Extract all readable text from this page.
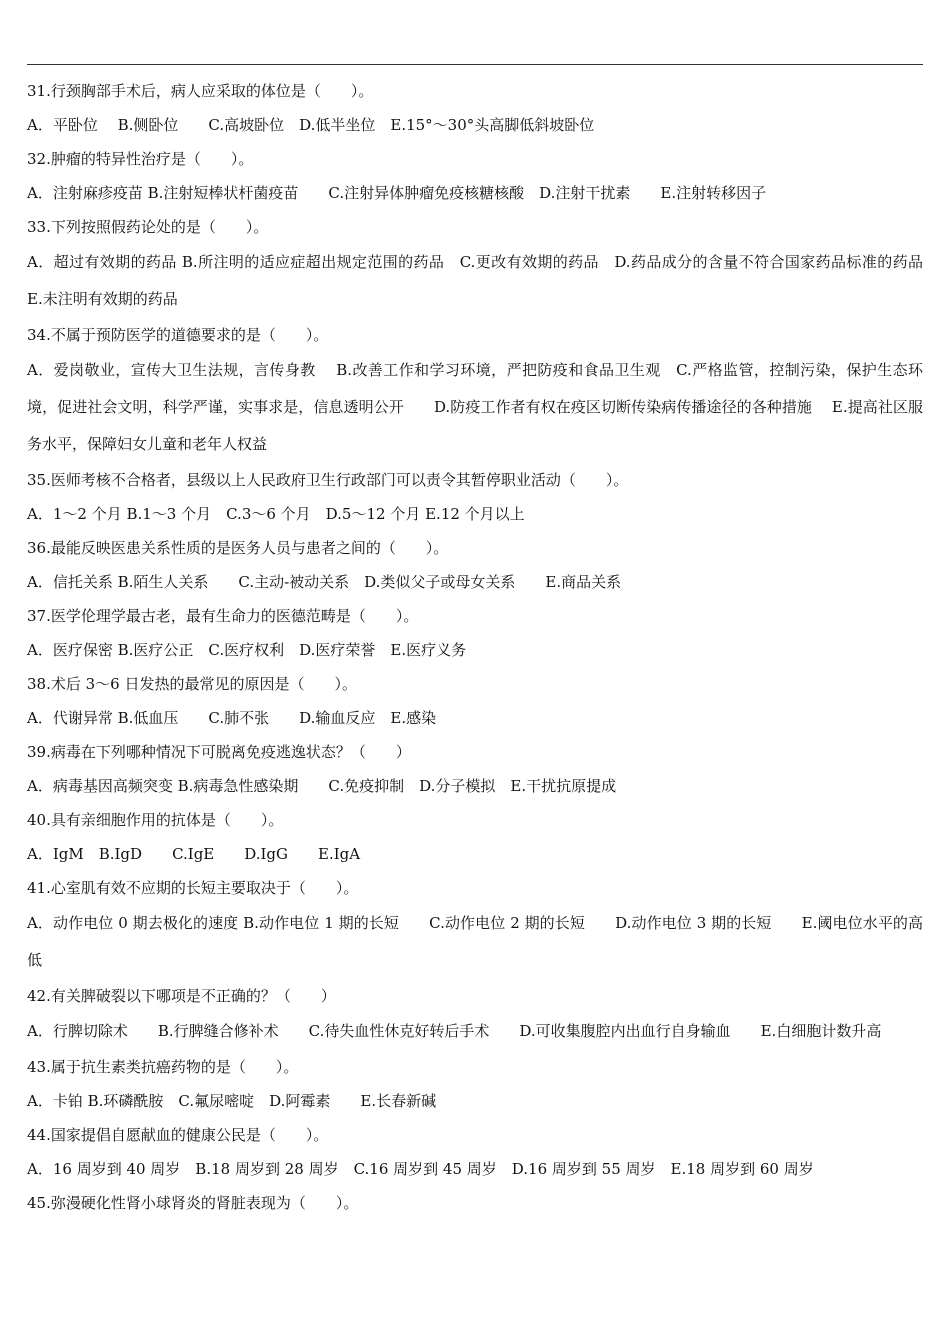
31.行颈胸部手术后，病人应采取的体位是（　　）。

A．平卧位　 B.侧卧位　　C.高坡卧位　D.低半坐位　E.15°～30°头高脚低斜坡卧位

32.肿瘤的特异性治疗是（　　）。

A．注射麻疹疫苗 B.注射短棒状杆菌疫苗　　C.注射异体肿瘤免疫核糖核酸　D.注射干扰素　　E.注射转移因子

33.下列按照假药论处的是（　　）。

A．超过有效期的药品 B.所注明的适应症超出规定范围的药品　C.更改有效期的药品　D.药品成分的含量不符合国家药品标准的药品　E.未注明有效期的药品

34.不属于预防医学的道德要求的是（　　）。

A．爱岗敬业，宣传大卫生法规，言传身教　 B.改善工作和学习环境，严把防疫和食品卫生观　C.严格监管，控制污染，保护生态环境，促进社会文明，科学严谨，实事求是，信息透明公开　　D.防疫工作者有权在疫区切断传染病传播途径的各种措施　 E.提高社区服务水平，保障妇女儿童和老年人权益

35.医师考核不合格者，县级以上人民政府卫生行政部门可以责令其暂停职业活动（　　）。

A．1～2 个月 B.1～3 个月　C.3～6 个月　D.5～12 个月 E.12 个月以上

36.最能反映医患关系性质的是医务人员与患者之间的（　　）。

A．信托关系 B.陌生人关系　　C.主动-被动关系　D.类似父子或母女关系　　E.商品关系

37.医学伦理学最古老，最有生命力的医德范畴是（　　）。

A．医疗保密 B.医疗公正　C.医疗权利　D.医疗荣誉　E.医疗义务

38.术后 3～6 日发热的最常见的原因是（　　）。

A．代谢异常 B.低血压　　C.肺不张　　D.输血反应　E.感染

39.病毒在下列哪种情况下可脱离免疫逃逸状态？（　　）

A．病毒基因高频突变 B.病毒急性感染期　　C.免疫抑制　D.分子模拟　E.干扰抗原提成

40.具有亲细胞作用的抗体是（　　）。

A．IgM　B.IgD　　C.IgE　　D.IgG　　E.IgA

41.心室肌有效不应期的长短主要取决于（　　）。

A．动作电位 0 期去极化的速度 B.动作电位 1 期的长短　　C.动作电位 2 期的长短　　D.动作电位 3 期的长短　　E.阈电位水平的高低

42.有关脾破裂以下哪项是不正确的？（　　）

A．行脾切除术　　B.行脾缝合修补术　　C.待失血性休克好转后手术　　D.可收集腹腔内出血行自身输血　　E.白细胞计数升高

43.属于抗生素类抗癌药物的是（　　）。

A．卡铂 B.环磷酰胺　C.氟尿嘧啶　D.阿霉素　　E.长春新碱

44.国家提倡自愿献血的健康公民是（　　）。

A．16 周岁到 40 周岁　B.18 周岁到 28 周岁　C.16 周岁到 45 周岁　D.16 周岁到 55 周岁　E.18 周岁到 60 周岁

45.弥漫硬化性肾小球肾炎的肾脏表现为（　　）。
